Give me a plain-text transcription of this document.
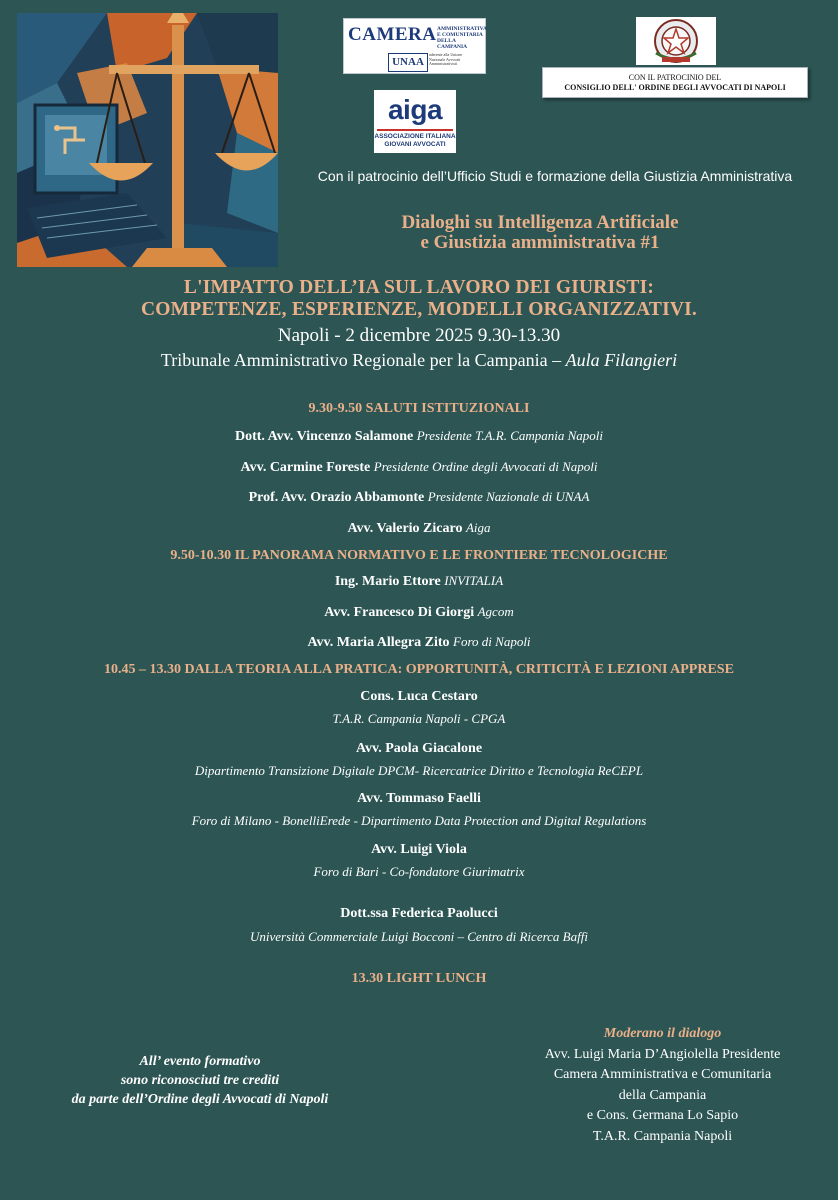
CAMERA AMMINISTRATIVA E COMUNITARIA DELLA CAMPANIA
UNAA
aderente alla Unione Nazionale Avvocati Amministrativisti
CON IL PATROCINIO DEL
CONSIGLIO DELL' ORDINE DEGLI AVVOCATI DI NAPOLI
aiga
ASSOCIAZIONE ITALIANA
GIOVANI AVVOCATI
Con il patrocinio dell’Ufficio Studi e formazione della Giustizia Amministrativa
Dialoghi su Intelligenza Artificiale
e Giustizia amministrativa #1
L'IMPATTO DELL’IA SUL LAVORO DEI GIURISTI:
COMPETENZE, ESPERIENZE, MODELLI ORGANIZZATIVI.
Napoli - 2 dicembre 2025 9.30-13.30
Tribunale Amministrativo Regionale per la Campania – Aula Filangieri
9.30-9.50 SALUTI ISTITUZIONALI
Dott. Avv. Vincenzo Salamone Presidente T.A.R. Campania Napoli
Avv. Carmine Foreste Presidente Ordine degli Avvocati di Napoli
Prof. Avv. Orazio Abbamonte Presidente Nazionale di UNAA
Avv. Valerio Zicaro Aiga
9.50-10.30 IL PANORAMA NORMATIVO E LE FRONTIERE TECNOLOGICHE
Ing. Mario Ettore INVITALIA
Avv. Francesco Di Giorgi Agcom
Avv. Maria Allegra Zito Foro di Napoli
10.45 – 13.30 DALLA TEORIA ALLA PRATICA: OPPORTUNITÀ, CRITICITÀ E LEZIONI APPRESE
Cons. Luca Cestaro
T.A.R. Campania Napoli - CPGA
Avv. Paola Giacalone
Dipartimento Transizione Digitale DPCM- Ricercatrice Diritto e Tecnologia ReCEPL
Avv. Tommaso Faelli
Foro di Milano - BonelliErede - Dipartimento Data Protection and Digital Regulations
Avv. Luigi Viola
Foro di Bari - Co-fondatore Giurimatrix
Dott.ssa Federica Paolucci
Università Commerciale Luigi Bocconi – Centro di Ricerca Baffi
13.30 LIGHT LUNCH
All’ evento formativo
sono riconosciuti tre crediti
da parte dell’Ordine degli Avvocati di Napoli
Moderano il dialogo
Avv. Luigi Maria D’Angiolella Presidente
Camera Amministrativa e Comunitaria
della Campania
e Cons. Germana Lo Sapio
T.A.R. Campania Napoli
